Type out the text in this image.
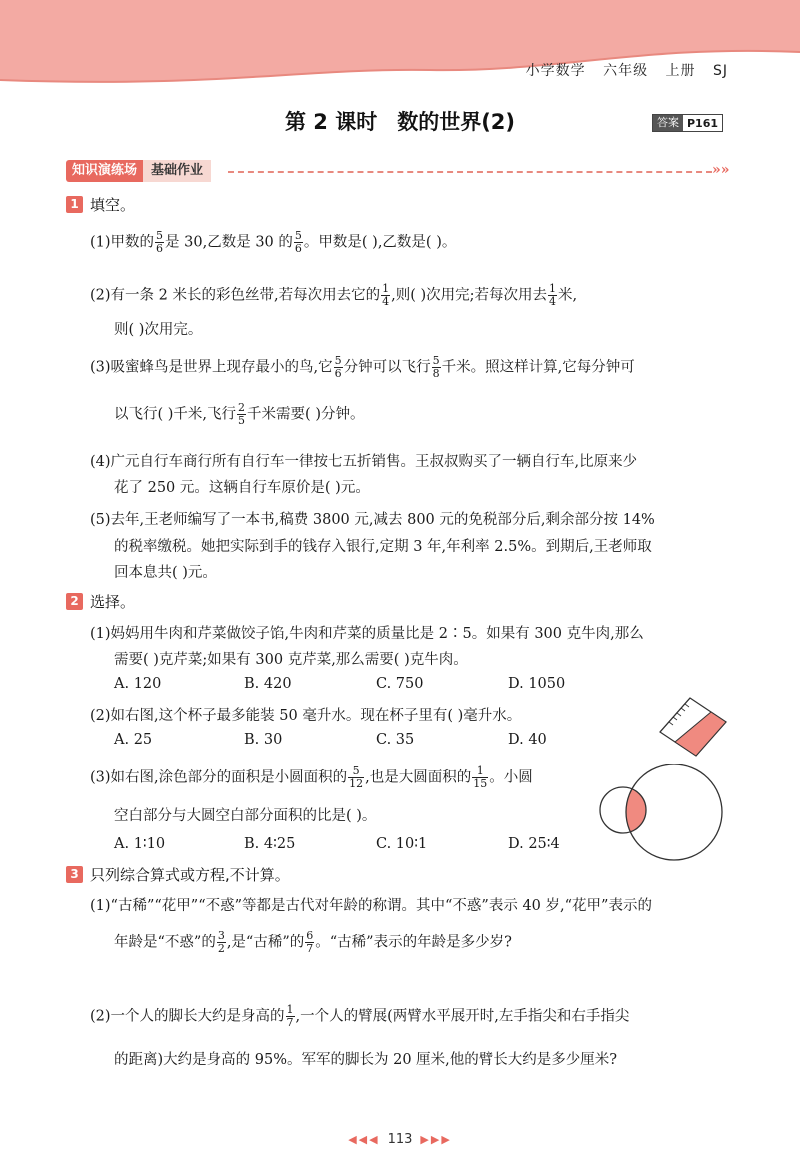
小学数学 六年级 上册 SJ
第 2 课时 数的世界(2)	答案 P161
知识演练场	基础作业	»»
1 填空。
(1)甲数的 $\frac{5}{6}$ 是 30,乙数是 30 的 $\frac{5}{6}$ 。甲数是( ),乙数是( )。
(2)有一条 2 米长的彩色丝带,若每次用去它的 $\frac{1}{4}$ ,则( )次用完;若每次用去 $\frac{1}{4}$ 米,
则( )次用完。
(3)吸蜜蜂鸟是世界上现存最小的鸟,它 $\frac{5}{6}$ 分钟可以飞行 $\frac{5}{8}$ 千米。照这样计算,它每分钟可
以飞行( )千米,飞行 $\frac{2}{5}$ 千米需要( )分钟。
(4)广元自行车商行所有自行车一律按七五折销售。王叔叔购买了一辆自行车,比原来少
花了 250 元。这辆自行车原价是( )元。
(5)去年,王老师编写了一本书,稿费 3800 元,减去 800 元的免税部分后,剩余部分按 14%
的税率缴税。她把实际到手的钱存入银行,定期 3 年,年利率 2.5%。到期后,王老师取
回本息共( )元。
2 选择。
(1)妈妈用牛肉和芹菜做饺子馅,牛肉和芹菜的质量比是 2∶5。如果有 300 克牛肉,那么
需要( )克芹菜;如果有 300 克芹菜,那么需要( )克牛肉。
A. 120	B. 420	C. 750	D. 1050
(2)如右图,这个杯子最多能装 50 毫升水。现在杯子里有( )毫升水。
A. 25	B. 30	C. 35	D. 40
(3)如右图,涂色部分的面积是小圆面积的 $\frac{5}{12}$ ,也是大圆面积的 $\frac{1}{15}$ 。小圆
空白部分与大圆空白部分面积的比是( )。
A. 1∶10	B. 4∶25	C. 10∶1	D. 25∶4
3 只列综合算式或方程,不计算。
(1)“古稀”“花甲”“不惑”等都是古代对年龄的称谓。其中“不惑”表示 40 岁,“花甲”表示的
年龄是“不惑”的 $\frac{3}{2}$ ,是“古稀”的 $\frac{6}{7}$ 。“古稀”表示的年龄是多少岁?
(2)一个人的脚长大约是身高的 $\frac{1}{7}$ ,一个人的臂展(两臂水平展开时,左手指尖和右手指尖
的距离)大约是身高的 95%。军军的脚长为 20 厘米,他的臂长大约是多少厘米?
◀◀◀ 113 ▶▶▶
